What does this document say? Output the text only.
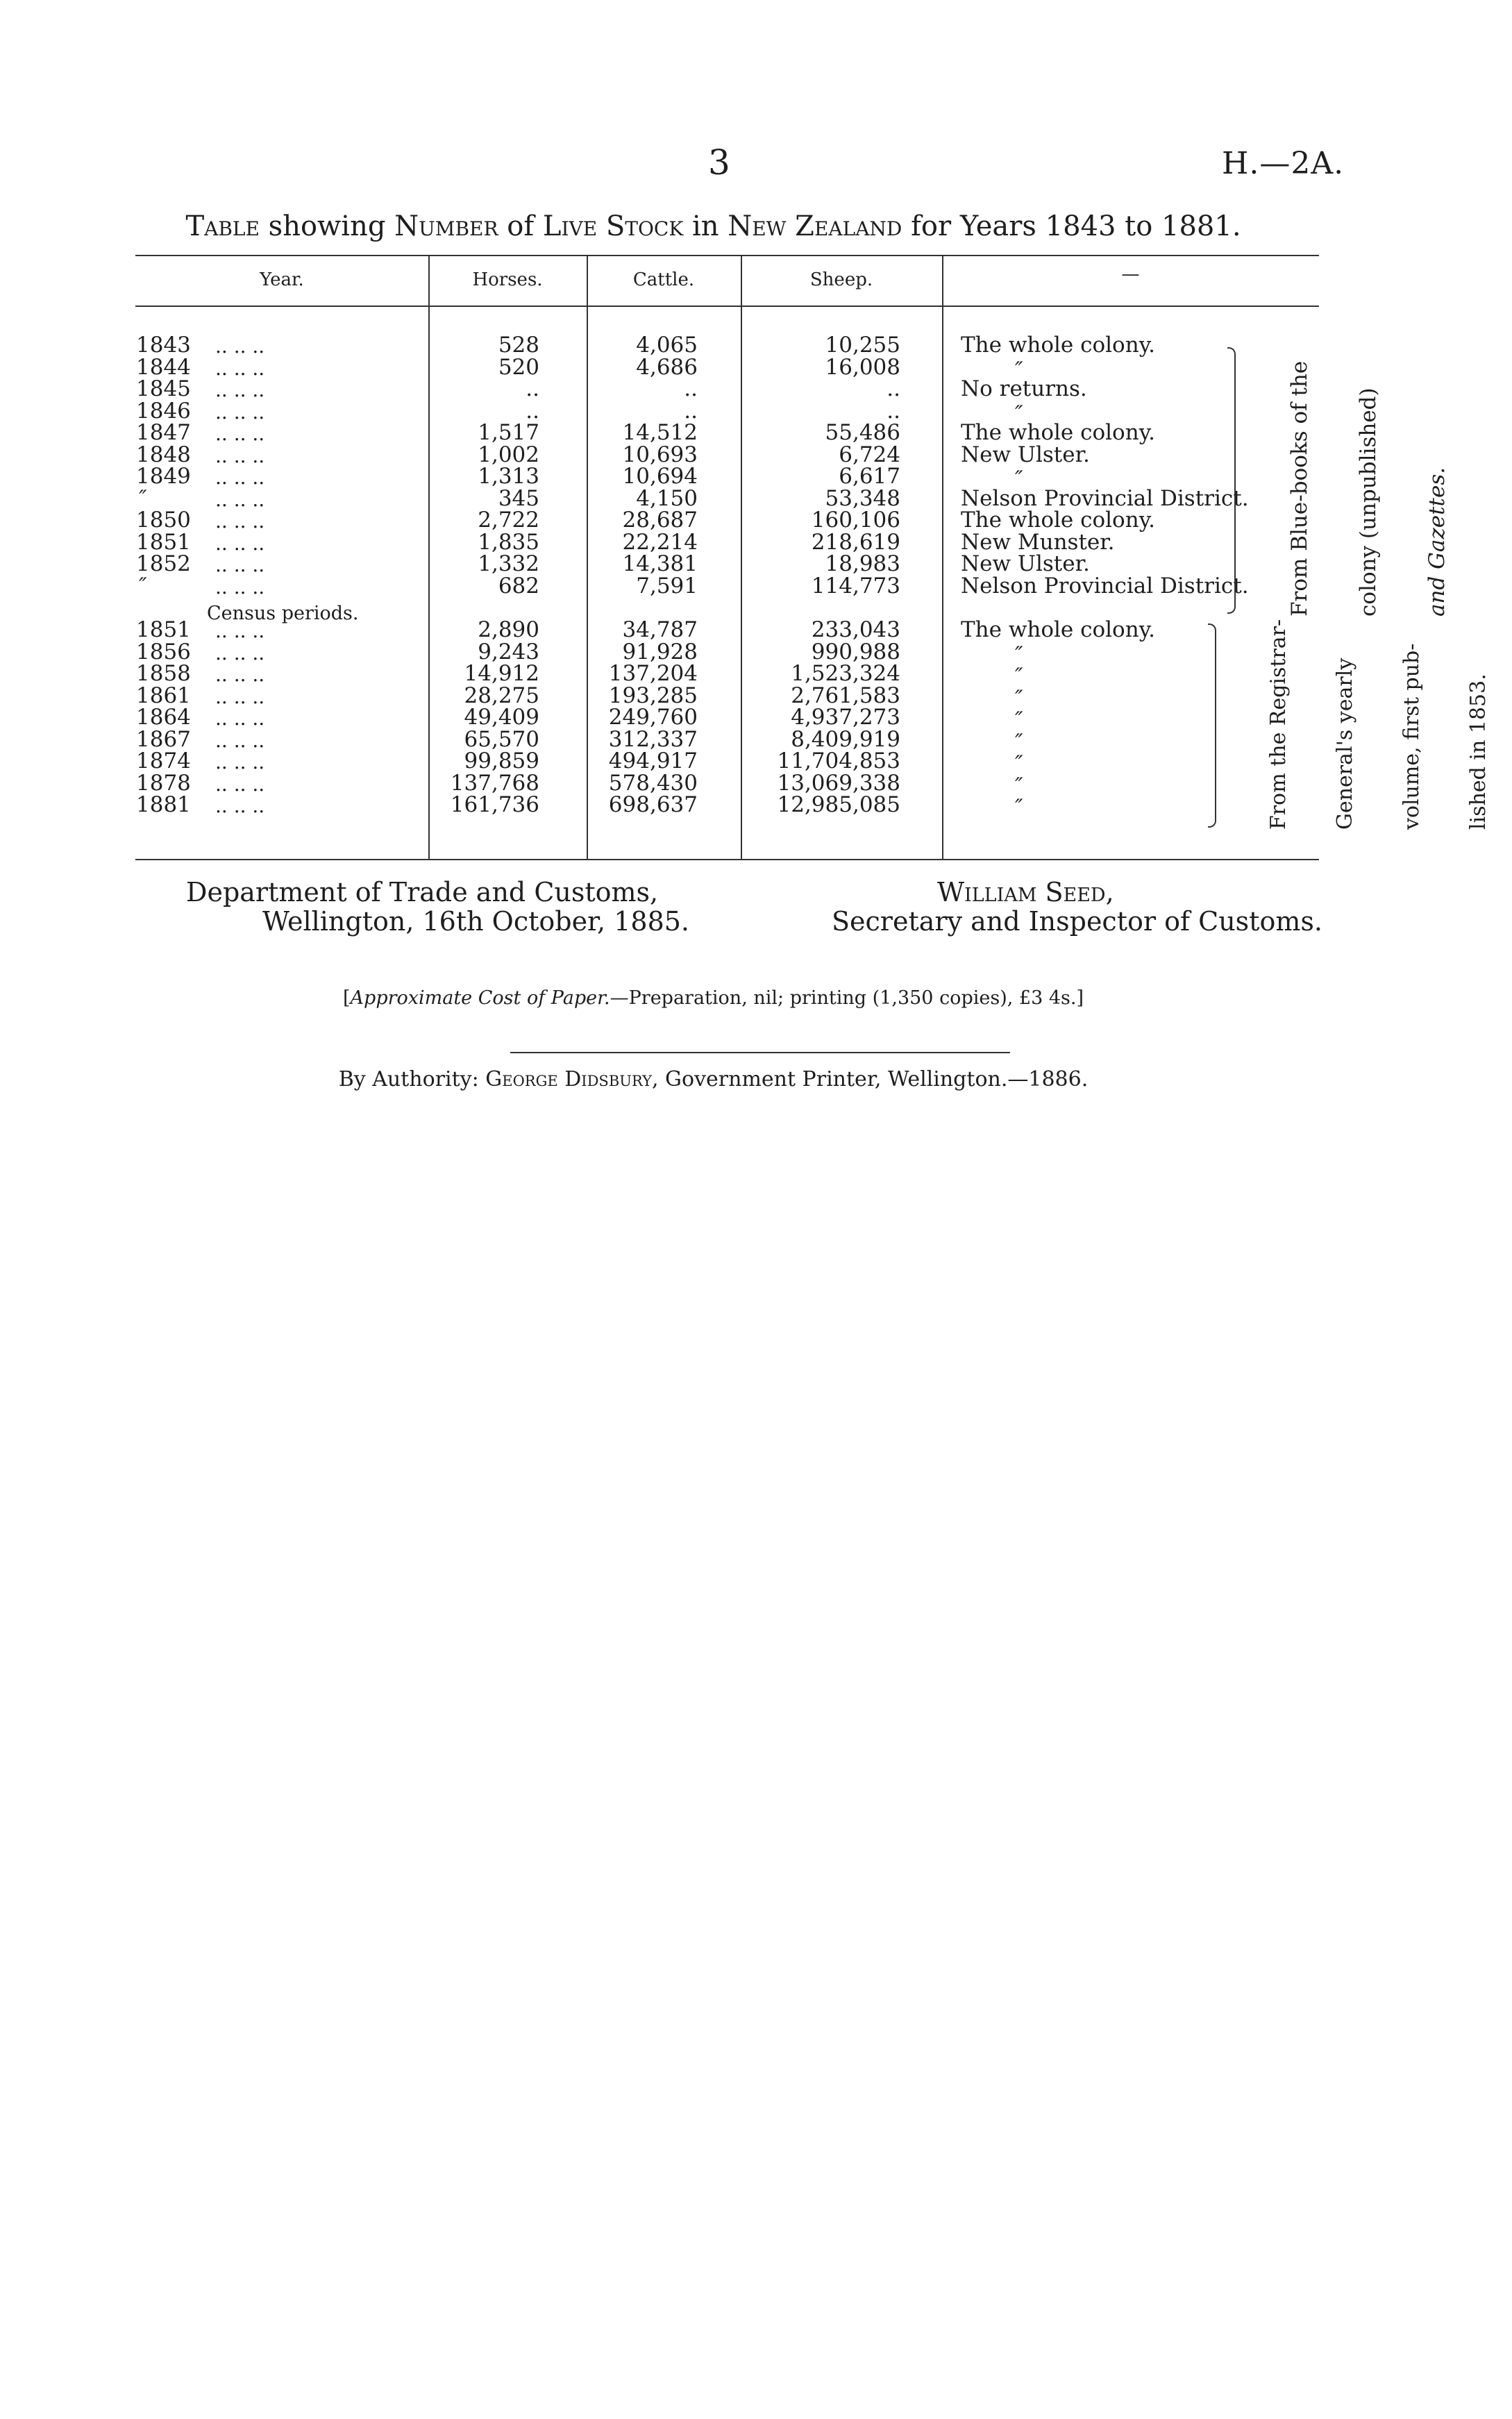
3	H.—2A.
Table showing Number of Live Stock in New Zealand for Years 1843 to 1881.
Year.	Horses.	Cattle.	Sheep.	—
Census periods.
1843 .. .. ..	528	4,065	10,255	The whole colony.
1844 .. .. ..	520	4,686	16,008	″
1845 .. .. ..	..	..	..	No returns.
1846 .. .. ..	..	..	..	″
1847 .. .. ..	1,517	14,512	55,486	The whole colony.
1848 .. .. ..	1,002	10,693	6,724	New Ulster.
1849 .. .. ..	1,313	10,694	6,617	″
″	.. .. ..	345	4,150	53,348	Nelson Provincial District.
1850 .. .. ..	2,722	28,687	160,106	The whole colony.
1851 .. .. ..	1,835	22,214	218,619	New Munster.
1852 .. .. ..	1,332	14,381	18,983	New Ulster.
″	.. .. ..	682	7,591	114,773	Nelson Provincial District.
1851 .. .. ..	2,890	34,787	233,043	The whole colony.
1856 .. .. ..	9,243	91,928	990,988	″
1858 .. .. ..	14,912	137,204	1,523,324	″
1861 .. .. ..	28,275	193,285	2,761,583	″
1864 .. .. ..	49,409	249,760	4,937,273	″
1867 .. .. ..	65,570	312,337	8,409,919	″
1874 .. .. ..	99,859	494,917	11,704,853	″
1878 .. .. ..	137,768	578,430	13,069,338	″
1881 .. .. ..	161,736	698,637	12,985,085	″

From Blue-books of the

colony (unpublished)

and Gazettes.

From the Registrar-

General's yearly

volume, first pub-

lished in 1853.

Department of Trade and Customs,
Wellington, 16th October, 1885.
William Seed,
Secretary and Inspector of Customs.
[Approximate Cost of Paper.—Preparation, nil; printing (1,350 copies), £3 4s.]
By Authority: George Didsbury, Government Printer, Wellington.—1886.
